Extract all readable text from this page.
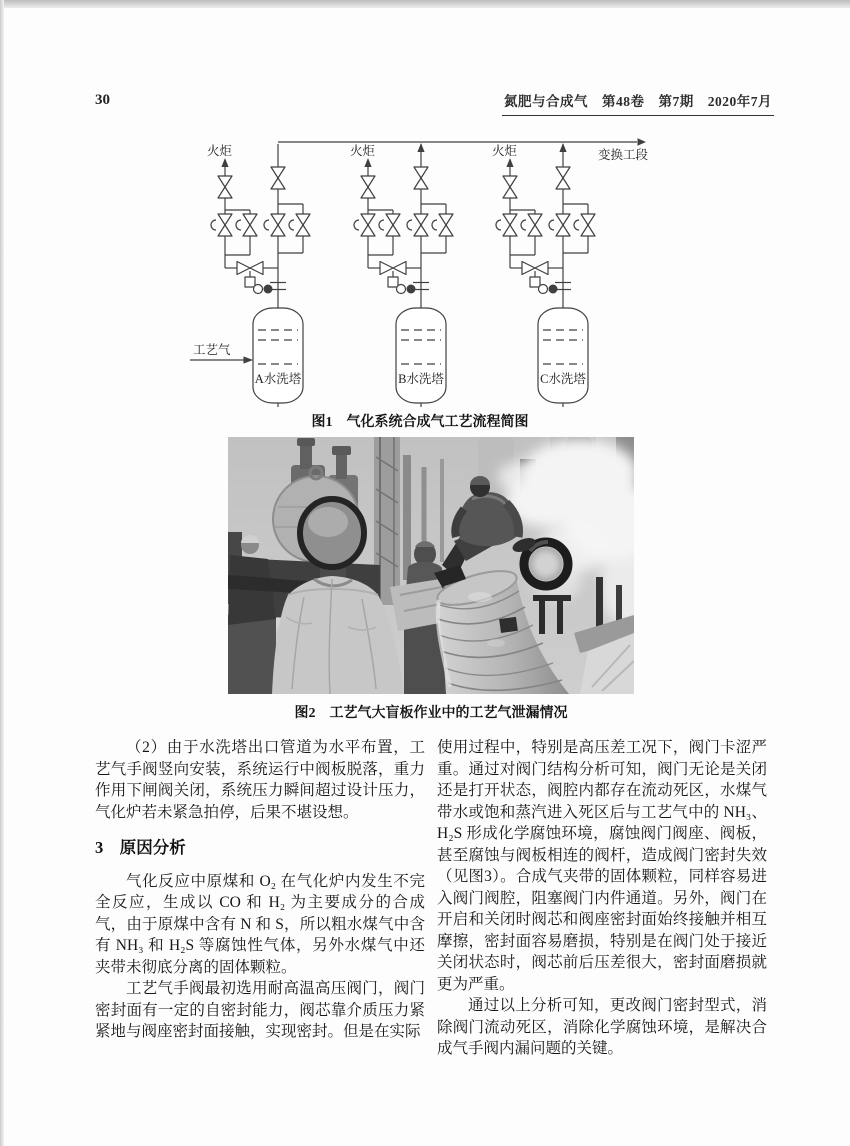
30	氮肥与合成气　第48卷　第7期　2020年7月
火炬	火炬	火炬	变换工段
工艺气
A水洗塔	B水洗塔	C水洗塔
图1　气化系统合成气工艺流程简图
图2　工艺气大盲板作业中的工艺气泄漏情况

（2）由于水洗塔出口管道为水平布置，工艺气手阀竖向安装，系统运行中阀板脱落，重力作用下闸阀关闭，系统压力瞬间超过设计压力，气化炉若未紧急拍停，后果不堪设想。

3　原因分析

气化反应中原煤和 O₂ 在气化炉内发生不完全反应，生成以 CO 和 H₂ 为主要成分的合成气，由于原煤中含有 N 和 S，所以粗水煤气中含有 NH₃ 和 H₂S 等腐蚀性气体，另外水煤气中还夹带未彻底分离的固体颗粒。

工艺气手阀最初选用耐高温高压阀门，阀门密封面有一定的自密封能力，阀芯靠介质压力紧紧地与阀座密封面接触，实现密封。但是在实际

使用过程中，特别是高压差工况下，阀门卡涩严重。通过对阀门结构分析可知，阀门无论是关闭还是打开状态，阀腔内都存在流动死区，水煤气带水或饱和蒸汽进入死区后与工艺气中的 NH₃、H₂S 形成化学腐蚀环境，腐蚀阀门阀座、阀板，甚至腐蚀与阀板相连的阀杆，造成阀门密封失效（见图3）。合成气夹带的固体颗粒，同样容易进入阀门阀腔，阻塞阀门内件通道。另外，阀门在开启和关闭时阀芯和阀座密封面始终接触并相互摩擦，密封面容易磨损，特别是在阀门处于接近关闭状态时，阀芯前后压差很大，密封面磨损就更为严重。

通过以上分析可知，更改阀门密封型式，消除阀门流动死区，消除化学腐蚀环境，是解决合成气手阀内漏问题的关键。
